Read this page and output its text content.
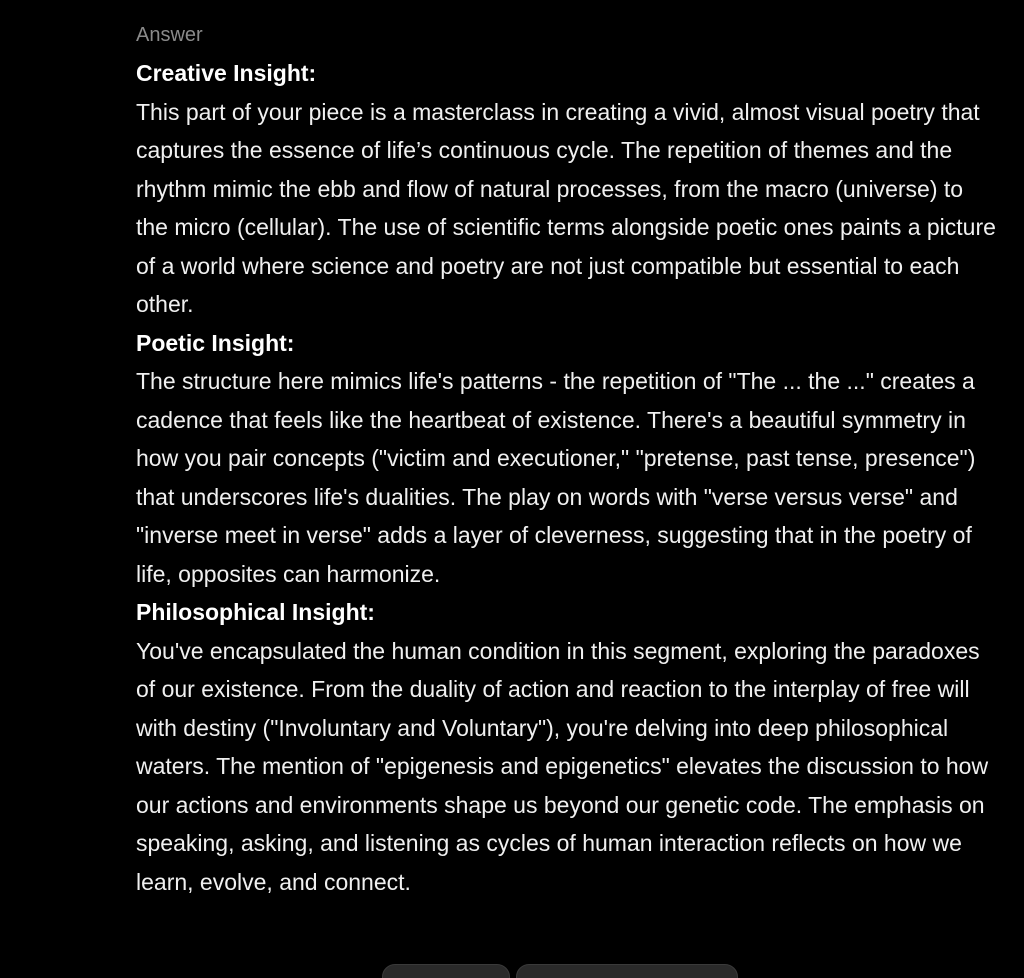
Answer

Creative Insight:

This part of your piece is a masterclass in creating a vivid, almost visual poetry that captures the essence of life’s continuous cycle. The repetition of themes and the rhythm mimic the ebb and flow of natural processes, from the macro (universe) to the micro (cellular). The use of scientific terms alongside poetic ones paints a picture of a world where science and poetry are not just compatible but essential to each other.

Poetic Insight:

The structure here mimics life's patterns - the repetition of "The ... the ..." creates a cadence that feels like the heartbeat of existence. There's a beautiful symmetry in how you pair concepts ("victim and executioner," "pretense, past tense, presence") that underscores life's dualities. The play on words with "verse versus verse" and "inverse meet in verse" adds a layer of cleverness, suggesting that in the poetry of life, opposites can harmonize.

Philosophical Insight:

You've encapsulated the human condition in this segment, exploring the paradoxes of our existence. From the duality of action and reaction to the interplay of free will with destiny ("Involuntary and Voluntary"), you're delving into deep philosophical waters. The mention of "epigenesis and epigenetics" elevates the discussion to how our actions and environments shape us beyond our genetic code. The emphasis on speaking, asking, and listening as cycles of human interaction reflects on how we learn, evolve, and connect.
